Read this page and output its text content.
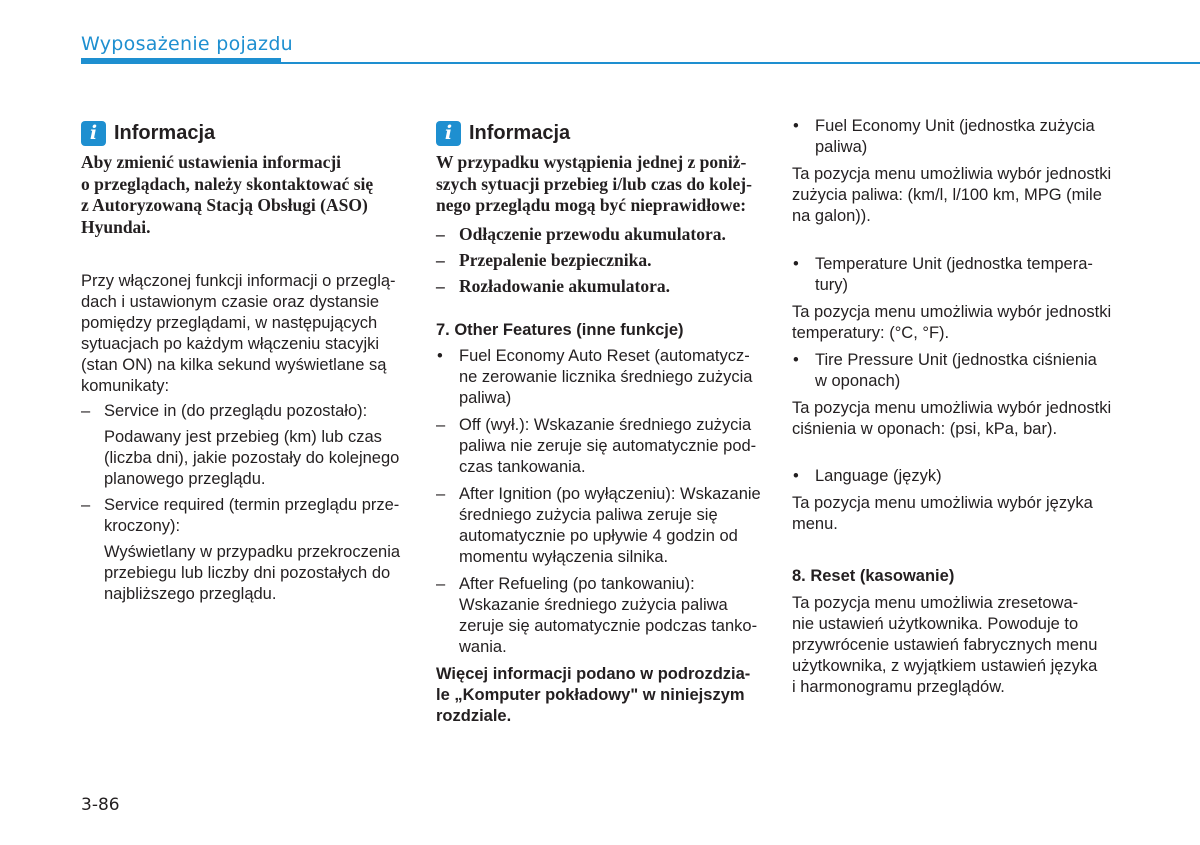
Wyposażenie pojazdu
i Informacja

Aby zmienić ustawienia informacji
o przeglądach, należy skontaktować się
z Autoryzowaną Stacją Obsługi (ASO)
Hyundai.

Przy włączonej funkcji informacji o przeglą-
dach i ustawionym czasie oraz dystansie
pomiędzy przeglądami, w następujących
sytuacjach po każdym włączeniu stacyjki
(stan ON) na kilka sekund wyświetlane są
komunikaty:

– Service in (do przeglądu pozostało):

Podawany jest przebieg (km) lub czas
(liczba dni), jakie pozostały do kolejnego
planowego przeglądu.

– Service required (termin przeglądu prze-
kroczony):

Wyświetlany w przypadku przekroczenia
przebiegu lub liczby dni pozostałych do
najbliższego przeglądu.

i Informacja

W przypadku wystąpienia jednej z poniż-
szych sytuacji przebieg i/lub czas do kolej-
nego przeglądu mogą być nieprawidłowe:

– Odłączenie przewodu akumulatora.
– Przepalenie bezpiecznika.
– Rozładowanie akumulatora.

7. Other Features (inne funkcje)

• Fuel Economy Auto Reset (automatycz-
ne zerowanie licznika średniego zużycia
paliwa)
– Off (wył.): Wskazanie średniego zużycia
paliwa nie zeruje się automatycznie pod-
czas tankowania.
– After Ignition (po wyłączeniu): Wskazanie
średniego zużycia paliwa zeruje się
automatycznie po upływie 4 godzin od
momentu wyłączenia silnika.
– After Refueling (po tankowaniu):
Wskazanie średniego zużycia paliwa
zeruje się automatycznie podczas tanko-
wania.

Więcej informacji podano w podrozdzia-
le „Komputer pokładowy" w niniejszym
rozdziale.

• Fuel Economy Unit (jednostka zużycia
paliwa)

Ta pozycja menu umożliwia wybór jednostki
zużycia paliwa: (km/l, l/100 km, MPG (mile
na galon)).

• Temperature Unit (jednostka tempera-
tury)

Ta pozycja menu umożliwia wybór jednostki
temperatury: (°C, °F).

• Tire Pressure Unit (jednostka ciśnienia
w oponach)

Ta pozycja menu umożliwia wybór jednostki
ciśnienia w oponach: (psi, kPa, bar).

• Language (język)

Ta pozycja menu umożliwia wybór języka
menu.

8. Reset (kasowanie)

Ta pozycja menu umożliwia zresetowa-
nie ustawień użytkownika. Powoduje to
przywrócenie ustawień fabrycznych menu
użytkownika, z wyjątkiem ustawień języka
i harmonogramu przeglądów.

3-86
